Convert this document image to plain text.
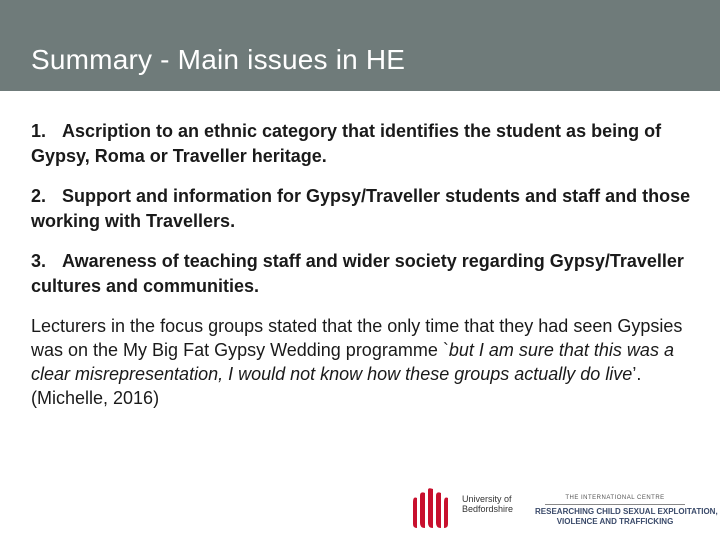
Summary - Main issues in HE

1. Ascription to an ethnic category that identifies the student as being of Gypsy, Roma or Traveller heritage.

2. Support and information for Gypsy/Traveller students and staff and those working with Travellers.

3. Awareness of teaching staff and wider society regarding Gypsy/Traveller cultures and communities.

Lecturers in the focus groups stated that the only time that they had seen Gypsies was on the My Big Fat Gypsy Wedding programme `but I am sure that this was a clear misrepresentation, I would not know how these groups actually do live’. (Michelle, 2016)

University of
Bedfordshire
THE INTERNATIONAL CENTRE
RESEARCHING CHILD SEXUAL EXPLOITATION,
VIOLENCE AND TRAFFICKING
